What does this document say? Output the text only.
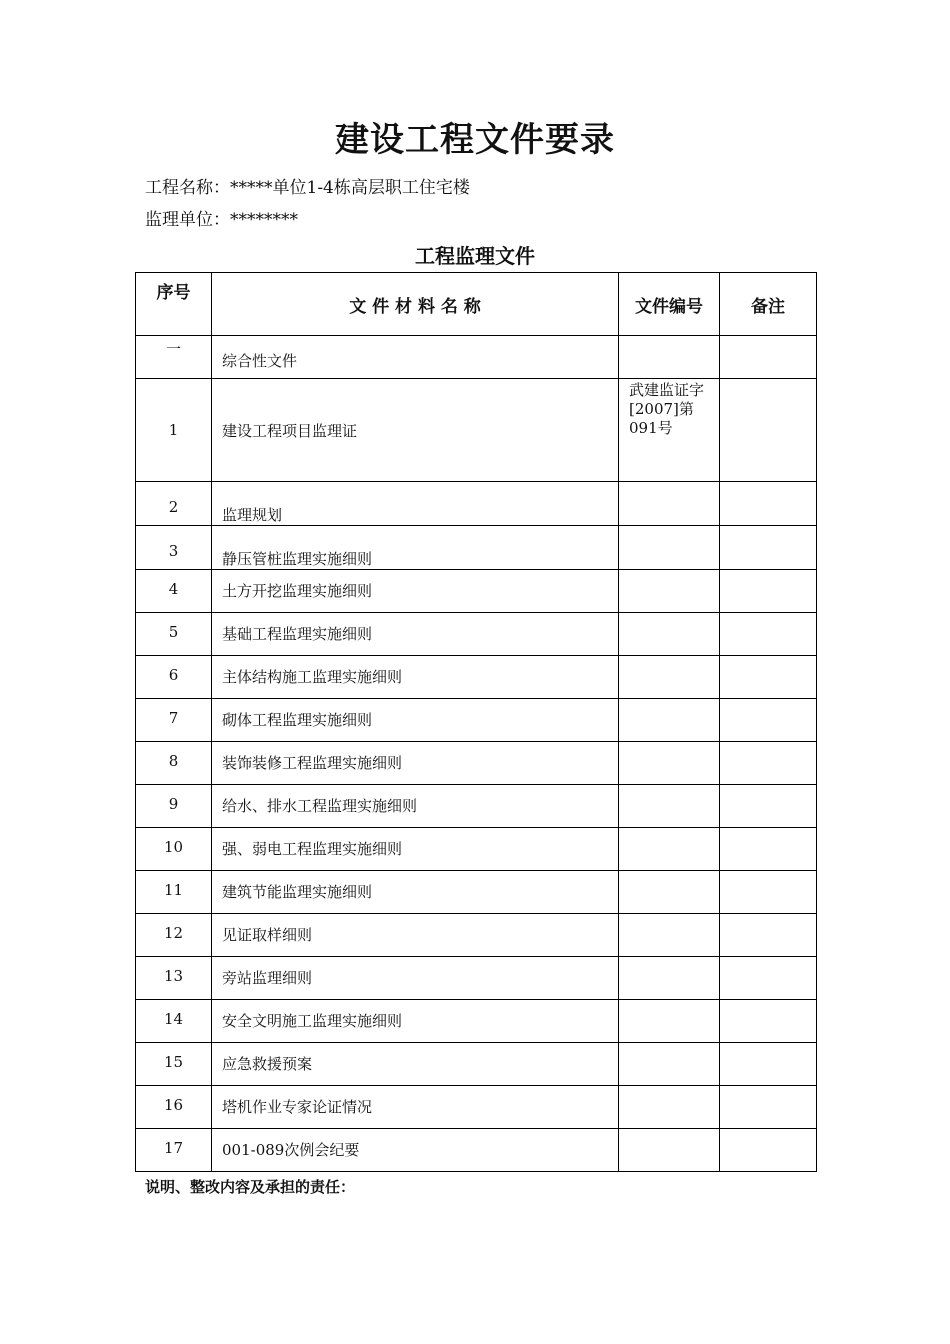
建设工程文件要录
工程名称：*****单位1-4栋高层职工住宅楼
监理单位：********
工程监理文件
序号	文 件 材 料 名 称	文件编号	备注
一	综合性文件		
1	建设工程项目监理证	武建监证字[2007]第091号	
2	监理规划		
3	静压管桩监理实施细则		
4	土方开挖监理实施细则		
5	基础工程监理实施细则		
6	主体结构施工监理实施细则		
7	砌体工程监理实施细则		
8	装饰装修工程监理实施细则		
9	给水、排水工程监理实施细则		
10	强、弱电工程监理实施细则		
11	建筑节能监理实施细则		
12	见证取样细则		
13	旁站监理细则		
14	安全文明施工监理实施细则		
15	应急救援预案		
16	塔机作业专家论证情况		
17	001-089次例会纪要		
说明、整改内容及承担的责任：
